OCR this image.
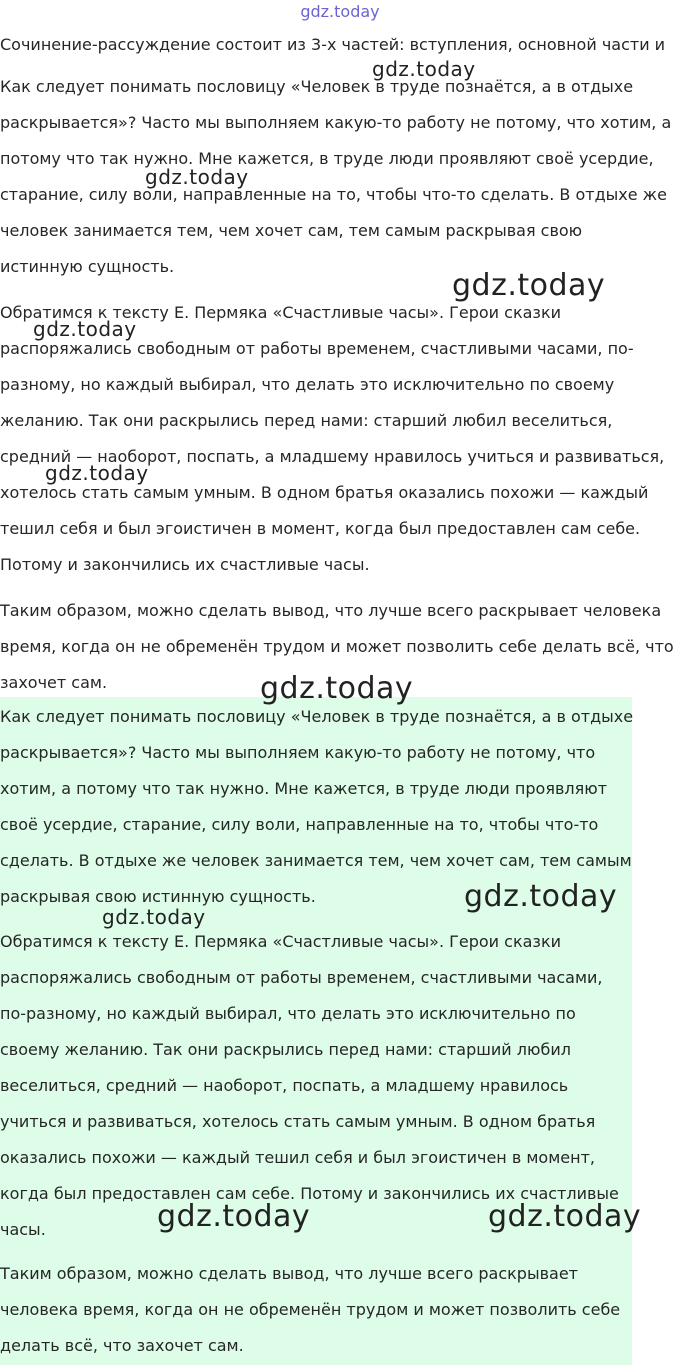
gdz.today

Сочинение-рассуждение состоит из 3-х частей: вступления, основной части и

Как следует понимать пословицу «Человек в труде познаётся, а в отдыхе
раскрывается»? Часто мы выполняем какую-то работу не потому, что хотим, а
потому что так нужно. Мне кажется, в труде люди проявляют своё усердие,
старание, силу воли, направленные на то, чтобы что-то сделать. В отдыхе же
человек занимается тем, чем хочет сам, тем самым раскрывая свою
истинную сущность.

Обратимся к тексту Е. Пермяка «Счастливые часы». Герои сказки
распоряжались свободным от работы временем, счастливыми часами, по-
разному, но каждый выбирал, что делать это исключительно по своему
желанию. Так они раскрылись перед нами: старший любил веселиться,
средний — наоборот, поспать, а младшему нравилось учиться и развиваться,
хотелось стать самым умным. В одном братья оказались похожи — каждый
тешил себя и был эгоистичен в момент, когда был предоставлен сам себе.
Потому и закончились их счастливые часы.

Таким образом, можно сделать вывод, что лучше всего раскрывает человека
время, когда он не обременён трудом и может позволить себе делать всё, что
захочет сам.

Как следует понимать пословицу «Человек в труде познаётся, а в отдыхе
раскрывается»? Часто мы выполняем какую-то работу не потому, что
хотим, а потому что так нужно. Мне кажется, в труде люди проявляют
своё усердие, старание, силу воли, направленные на то, чтобы что-то
сделать. В отдыхе же человек занимается тем, чем хочет сам, тем самым
раскрывая свою истинную сущность.

Обратимся к тексту Е. Пермяка «Счастливые часы». Герои сказки
распоряжались свободным от работы временем, счастливыми часами,
по-разному, но каждый выбирал, что делать это исключительно по
своему желанию. Так они раскрылись перед нами: старший любил
веселиться, средний — наоборот, поспать, а младшему нравилось
учиться и развиваться, хотелось стать самым умным. В одном братья
оказались похожи — каждый тешил себя и был эгоистичен в момент,
когда был предоставлен сам себе. Потому и закончились их счастливые
часы.

Таким образом, можно сделать вывод, что лучше всего раскрывает
человека время, когда он не обременён трудом и может позволить себе
делать всё, что захочет сам.

gdz.today
gdz.today
gdz.today
gdz.today
gdz.today
gdz.today
gdz.today
gdz.today
gdz.today	gdz.today
